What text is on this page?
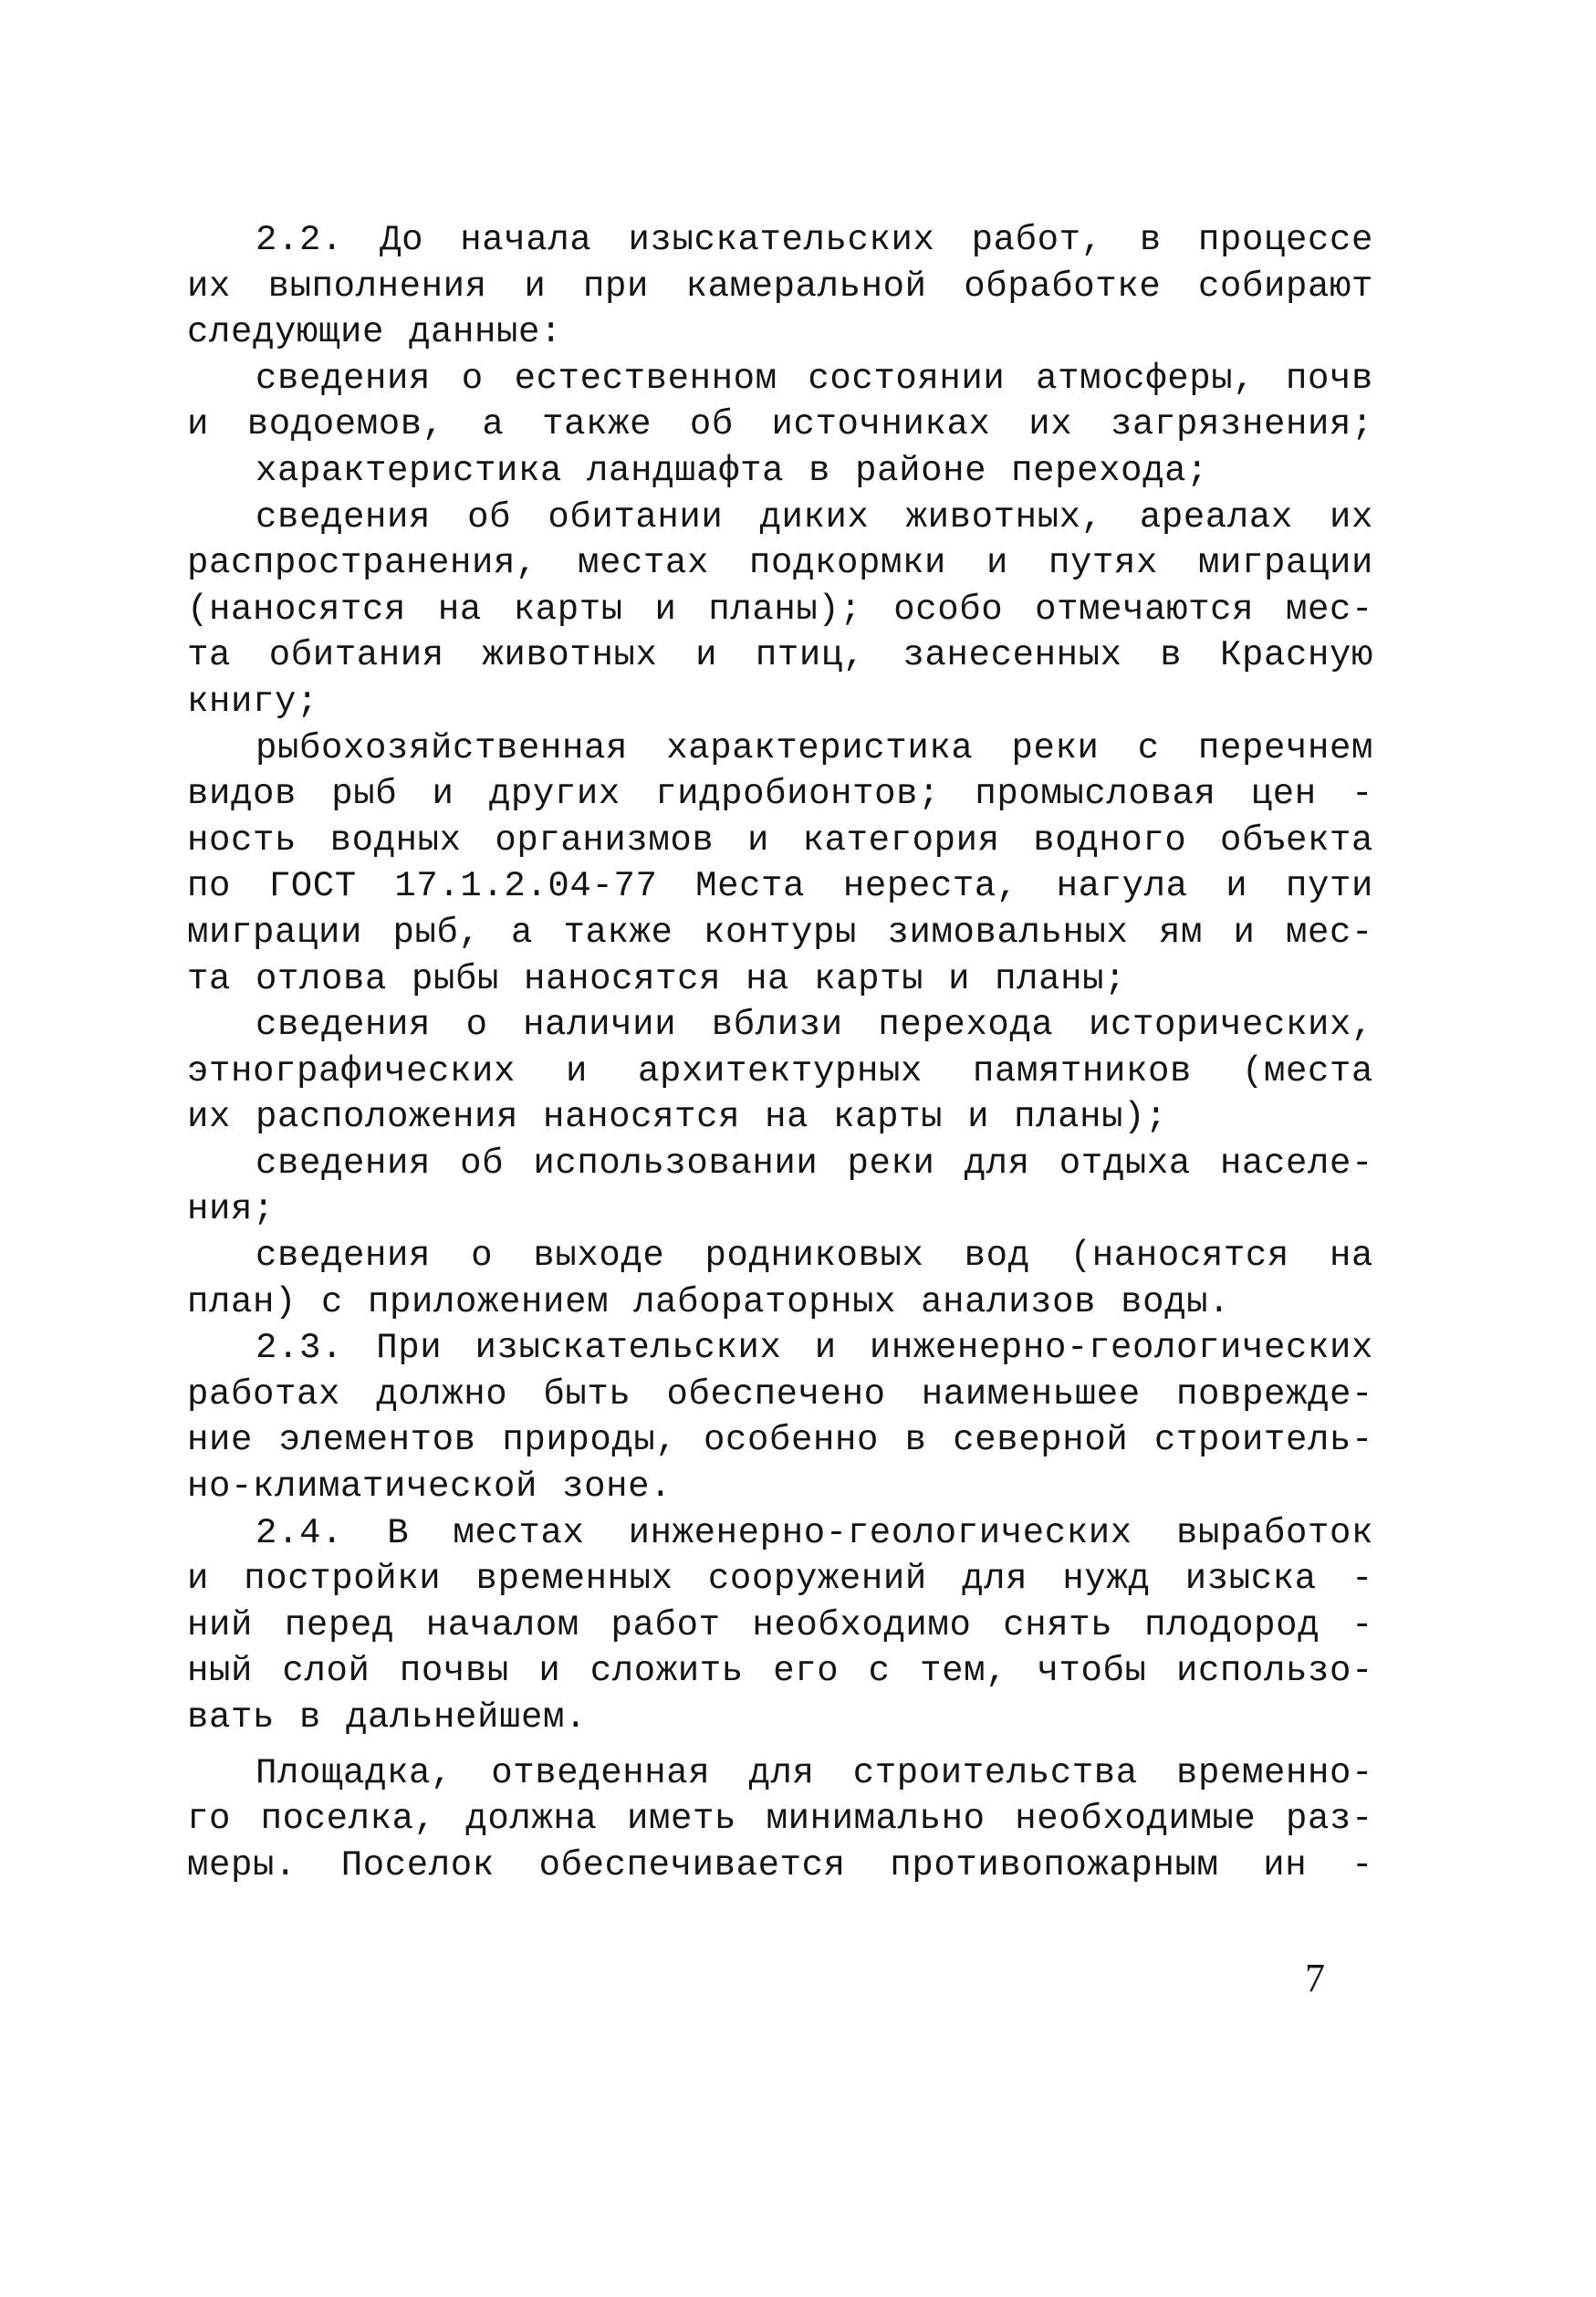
2.2. До начала изыскательских работ, в процессе
их выполнения и при камеральной обработке собирают
следующие данные:
сведения о естественном состоянии атмосферы, почв
и водоемов, а также об источниках их загрязнения;
характеристика ландшафта в районе перехода;
сведения об обитании диких животных, ареалах их
распространения, местах подкормки и путях миграции
(наносятся на карты и планы); особо отмечаются мес-
та обитания животных и птиц, занесенных в Красную
книгу;
рыбохозяйственная характеристика реки с перечнем
видов рыб и других гидробионтов; промысловая цен -
ность водных организмов и категория водного объекта
по ГОСТ 17.1.2.04-77 Места нереста, нагула и пути
миграции рыб, а также контуры зимовальных ям и мес-
та отлова рыбы наносятся на карты и планы;
сведения о наличии вблизи перехода исторических,
этнографических и архитектурных памятников (места
их расположения наносятся на карты и планы);
сведения об использовании реки для отдыха населе-
ния;
сведения о выходе родниковых вод (наносятся на
план) с приложением лабораторных анализов воды.
2.3. При изыскательских и инженерно-геологических
работах должно быть обеспечено наименьшее поврежде-
ние элементов природы, особенно в северной строитель-
но-климатической зоне.
2.4. В местах инженерно-геологических выработок
и постройки временных сооружений для нужд изыска -
ний перед началом работ необходимо снять плодород -
ный слой почвы и сложить его с тем, чтобы использо-
вать в дальнейшем.
Площадка, отведенная для строительства временно-
го поселка, должна иметь минимально необходимые раз-
меры. Поселок обеспечивается противопожарным ин -
7
